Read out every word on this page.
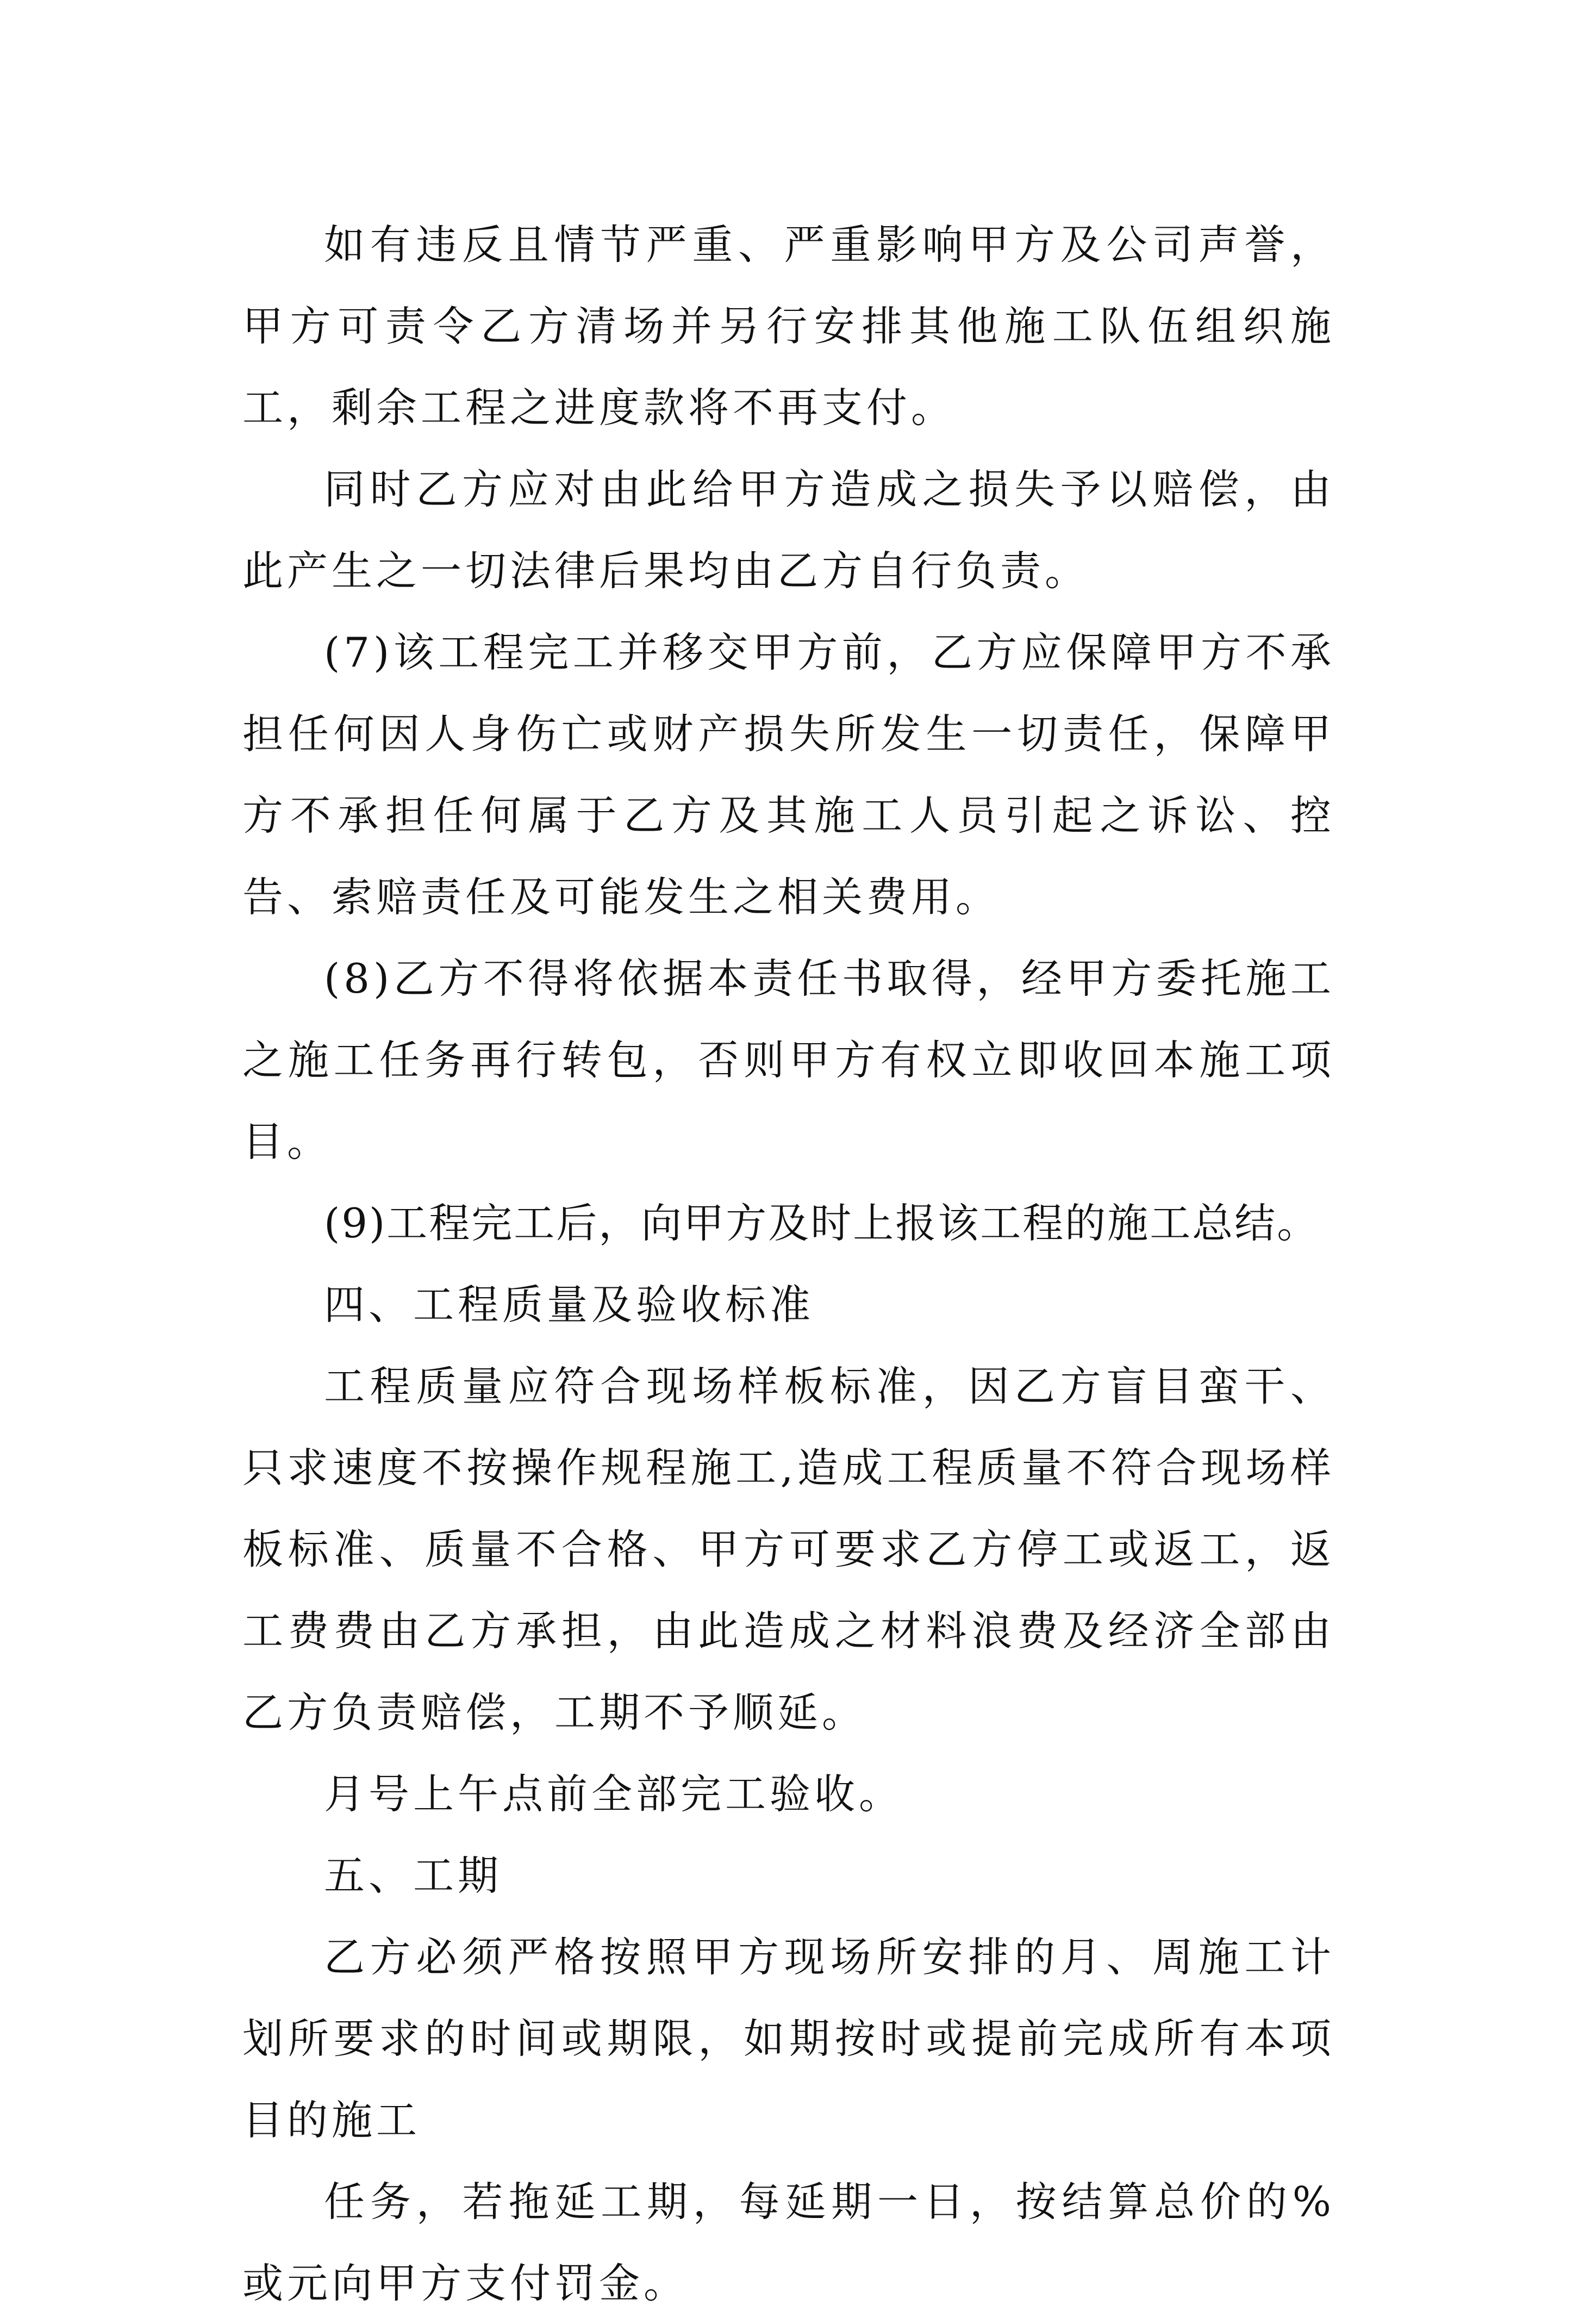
如有违反且情节严重、严重影响甲方及公司声誉，甲方可责令乙方清场并另行安排其他施工队伍组织施工，剩余工程之进度款将不再支付。

同时乙方应对由此给甲方造成之损失予以赔偿，由此产生之一切法律后果均由乙方自行负责。

(7)该工程完工并移交甲方前，乙方应保障甲方不承担任何因人身伤亡或财产损失所发生一切责任，保障甲方不承担任何属于乙方及其施工人员引起之诉讼、控告、索赔责任及可能发生之相关费用。

(8)乙方不得将依据本责任书取得，经甲方委托施工之施工任务再行转包，否则甲方有权立即收回本施工项目。

(9)工程完工后，向甲方及时上报该工程的施工总结。

四、工程质量及验收标准

工程质量应符合现场样板标准，因乙方盲目蛮干、只求速度不按操作规程施工,造成工程质量不符合现场样板标准、质量不合格、甲方可要求乙方停工或返工，返工费费由乙方承担，由此造成之材料浪费及经济全部由乙方负责赔偿，工期不予顺延。

月号上午点前全部完工验收。

五、工期

乙方必须严格按照甲方现场所安排的月、周施工计划所要求的时间或期限，如期按时或提前完成所有本项目的施工

任务，若拖延工期，每延期一日，按结算总价的%或元向甲方支付罚金。
